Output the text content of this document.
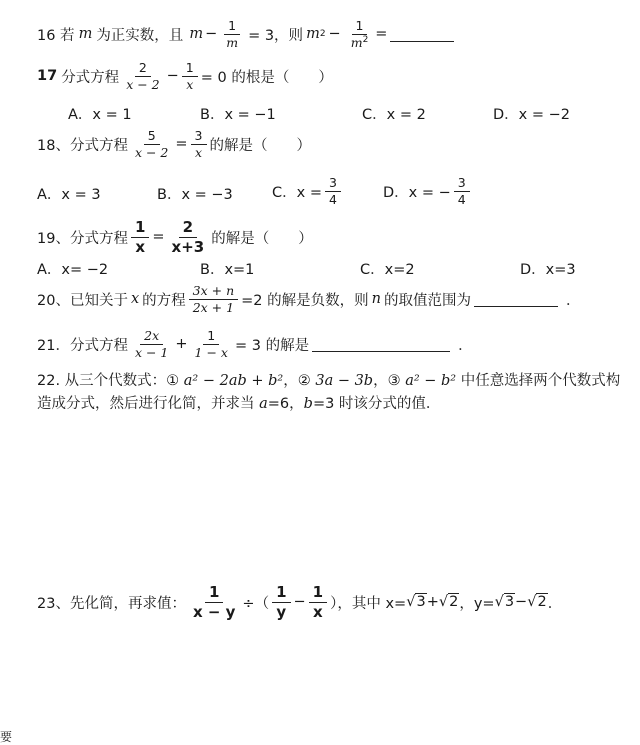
16 若 m 为正实数，且 $m - \frac{1}{m} = 3$，则 m $2 - \frac{1}{m^2}$ =
17 分式方程 $\frac{2}{x - 2} - \frac{1}{x} = 0$ 的根是（　　）
A．x = 1	B．x = −1	C．x = 2	D．x = −2
18、分式方程 $\frac{5}{x - 2} = \frac{3}{x}$ 的解是（　　）
A．x = 3	B．x = −3	C．$x = \frac{3}{4}$	D．x = − $\frac{3}{4}$
19、分式方程 $\frac{1}{x} = \frac{2}{x+3}$ 的解是（　　）
A．x= −2	B．x=1	C．x=2	D．x=3
20、已知关于 x 的方程 $\frac{3x + n}{2x + 1} =2$ 的解是负数，则 n 的取值范围为	．
21．分式方程 $\frac{2x}{x - 1} + \frac{1}{1 - x} = 3$ 的解是	．
22. 从三个代数式：① a² − 2ab + b²，② 3a − 3b，③ a² − b² 中任意选择两个代数式构造成分式，然后进行化简，并求当 a=6，b=3 时该分式的值．
23、先化简，再求值： $\frac{1}{x - y}$ ÷（ $\frac{1}{y} - \frac{1}{x}$ ），其中 x= √3 + √2 ，y= √3 − √2 ．
要
